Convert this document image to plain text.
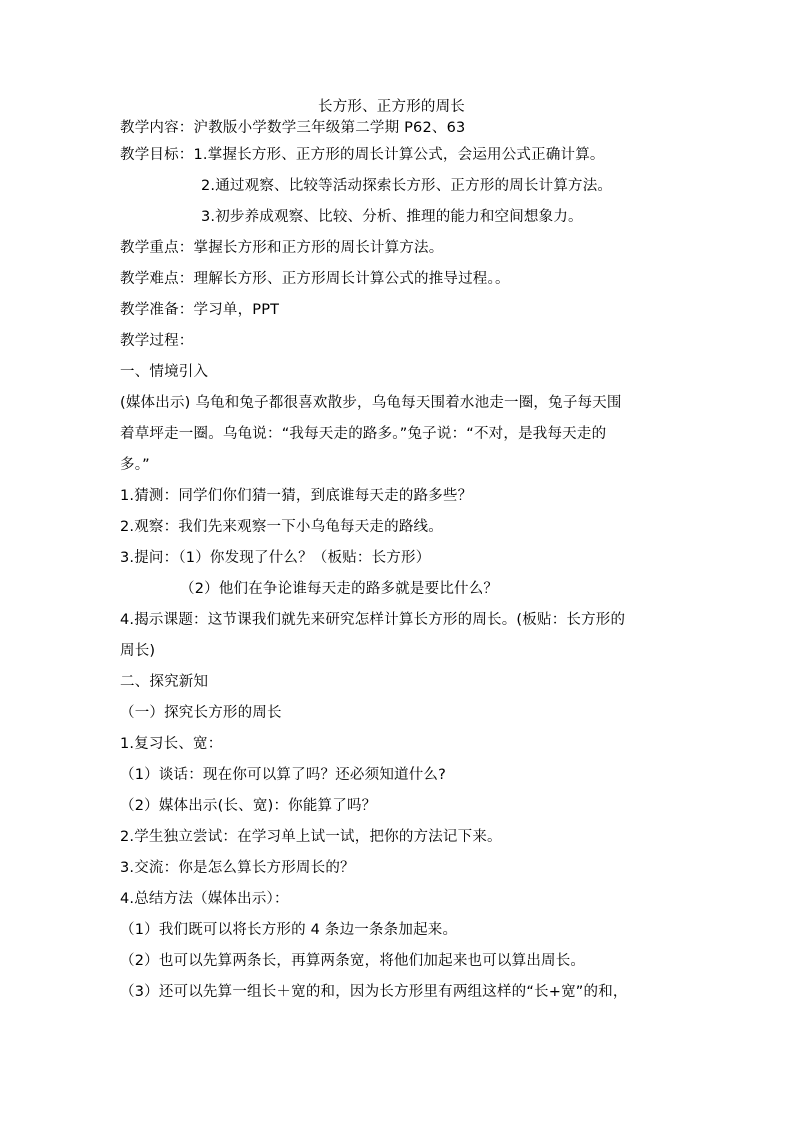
长方形、正方形的周长
教学内容：沪教版小学数学三年级第二学期 P62、63
教学目标：1.掌握长方形、正方形的周长计算公式，会运用公式正确计算。
2.通过观察、比较等活动探索长方形、正方形的周长计算方法。
3.初步养成观察、比较、分析、推理的能力和空间想象力。
教学重点：掌握长方形和正方形的周长计算方法。
教学难点：理解长方形、正方形周长计算公式的推导过程。。
教学准备：学习单，PPT
教学过程：
一、情境引入
(媒体出示) 乌龟和兔子都很喜欢散步，乌龟每天围着水池走一圈，兔子每天围
着草坪走一圈。乌龟说：“我每天走的路多。”兔子说：“不对，是我每天走的
多。”
1.猜测：同学们你们猜一猜，到底谁每天走的路多些？
2.观察：我们先来观察一下小乌龟每天走的路线。
3.提问：（1）你发现了什么？（板贴：长方形）
（2）他们在争论谁每天走的路多就是要比什么？
4.揭示课题：这节课我们就先来研究怎样计算长方形的周长。(板贴：长方形的
周长)
二、探究新知
（一）探究长方形的周长
1.复习长、宽：
（1）谈话：现在你可以算了吗？还必须知道什么?
（2）媒体出示(长、宽)：你能算了吗？
2.学生独立尝试：在学习单上试一试，把你的方法记下来。
3.交流：你是怎么算长方形周长的？
4.总结方法（媒体出示）：
（1）我们既可以将长方形的 4 条边一条条加起来。
（2）也可以先算两条长，再算两条宽，将他们加起来也可以算出周长。
（3）还可以先算一组长＋宽的和，因为长方形里有两组这样的“长+宽”的和，
